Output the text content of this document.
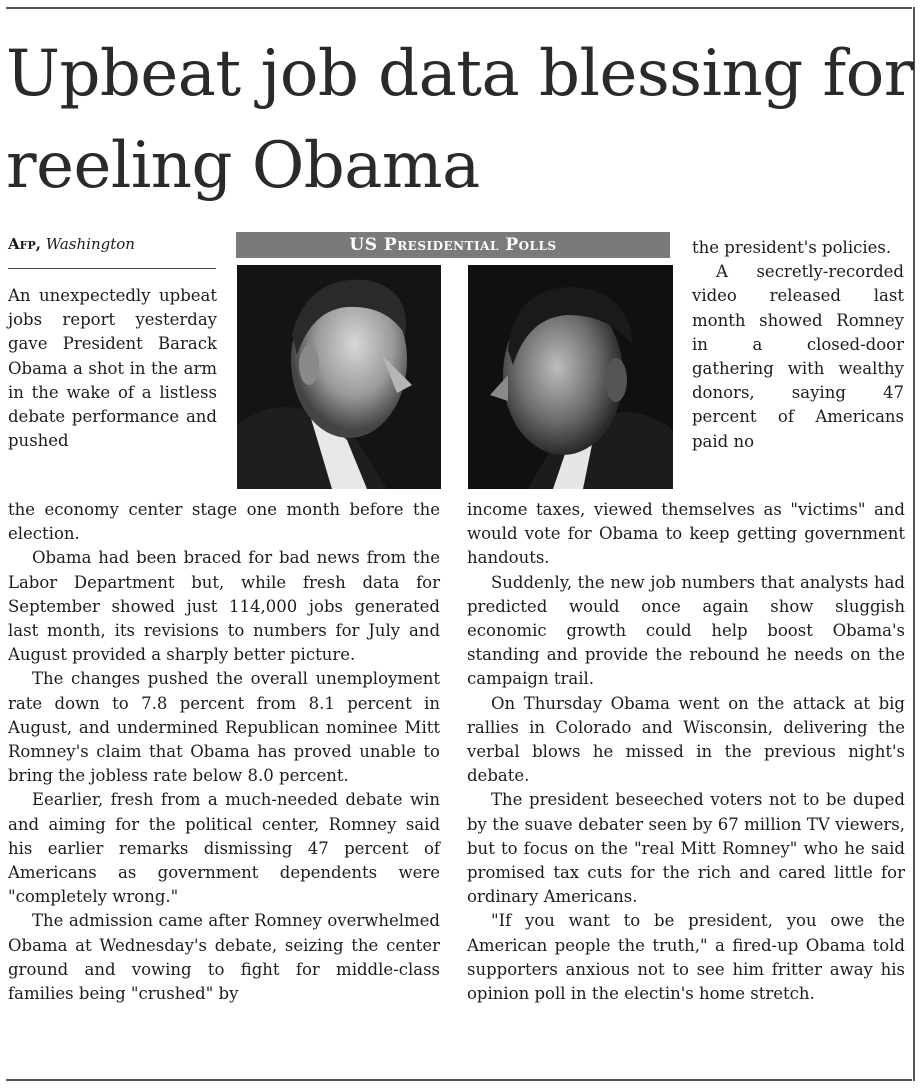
Upbeat job data blessing for reeling Obama
Afp, Washington

An unexpectedly upbeat jobs report yesterday gave President Barack Obama a shot in the arm in the wake of a listless debate performance and pushed

US Presidential Polls	the president's policies.

A secretly-recorded video released last month showed Romney in a closed-door gathering with wealthy donors, saying 47 percent of Americans paid no

the economy center stage one month before the election.

Obama had been braced for bad news from the Labor Department but, while fresh data for September showed just 114,000 jobs generated last month, its revisions to numbers for July and August provided a sharply better picture.

The changes pushed the overall unemployment rate down to 7.8 percent from 8.1 percent in August, and undermined Republican nominee Mitt Romney's claim that Obama has proved unable to bring the jobless rate below 8.0 percent.

Eearlier, fresh from a much-needed debate win and aiming for the political center, Romney said his earlier remarks dismissing 47 percent of Americans as government dependents were "completely wrong."

The admission came after Romney overwhelmed Obama at Wednesday's debate, seizing the center ground and vowing to fight for middle-class families being "crushed" by

income taxes, viewed themselves as "victims" and would vote for Obama to keep getting government handouts.

Suddenly, the new job numbers that analysts had predicted would once again show sluggish economic growth could help boost Obama's standing and provide the rebound he needs on the campaign trail.

On Thursday Obama went on the attack at big rallies in Colorado and Wisconsin, delivering the verbal blows he missed in the previous night's debate.

The president beseeched voters not to be duped by the suave debater seen by 67 million TV viewers, but to focus on the "real Mitt Romney" who he said promised tax cuts for the rich and cared little for ordinary Americans.

"If you want to be president, you owe the American people the truth," a fired-up Obama told supporters anxious not to see him fritter away his opinion poll in the electin's home stretch.
